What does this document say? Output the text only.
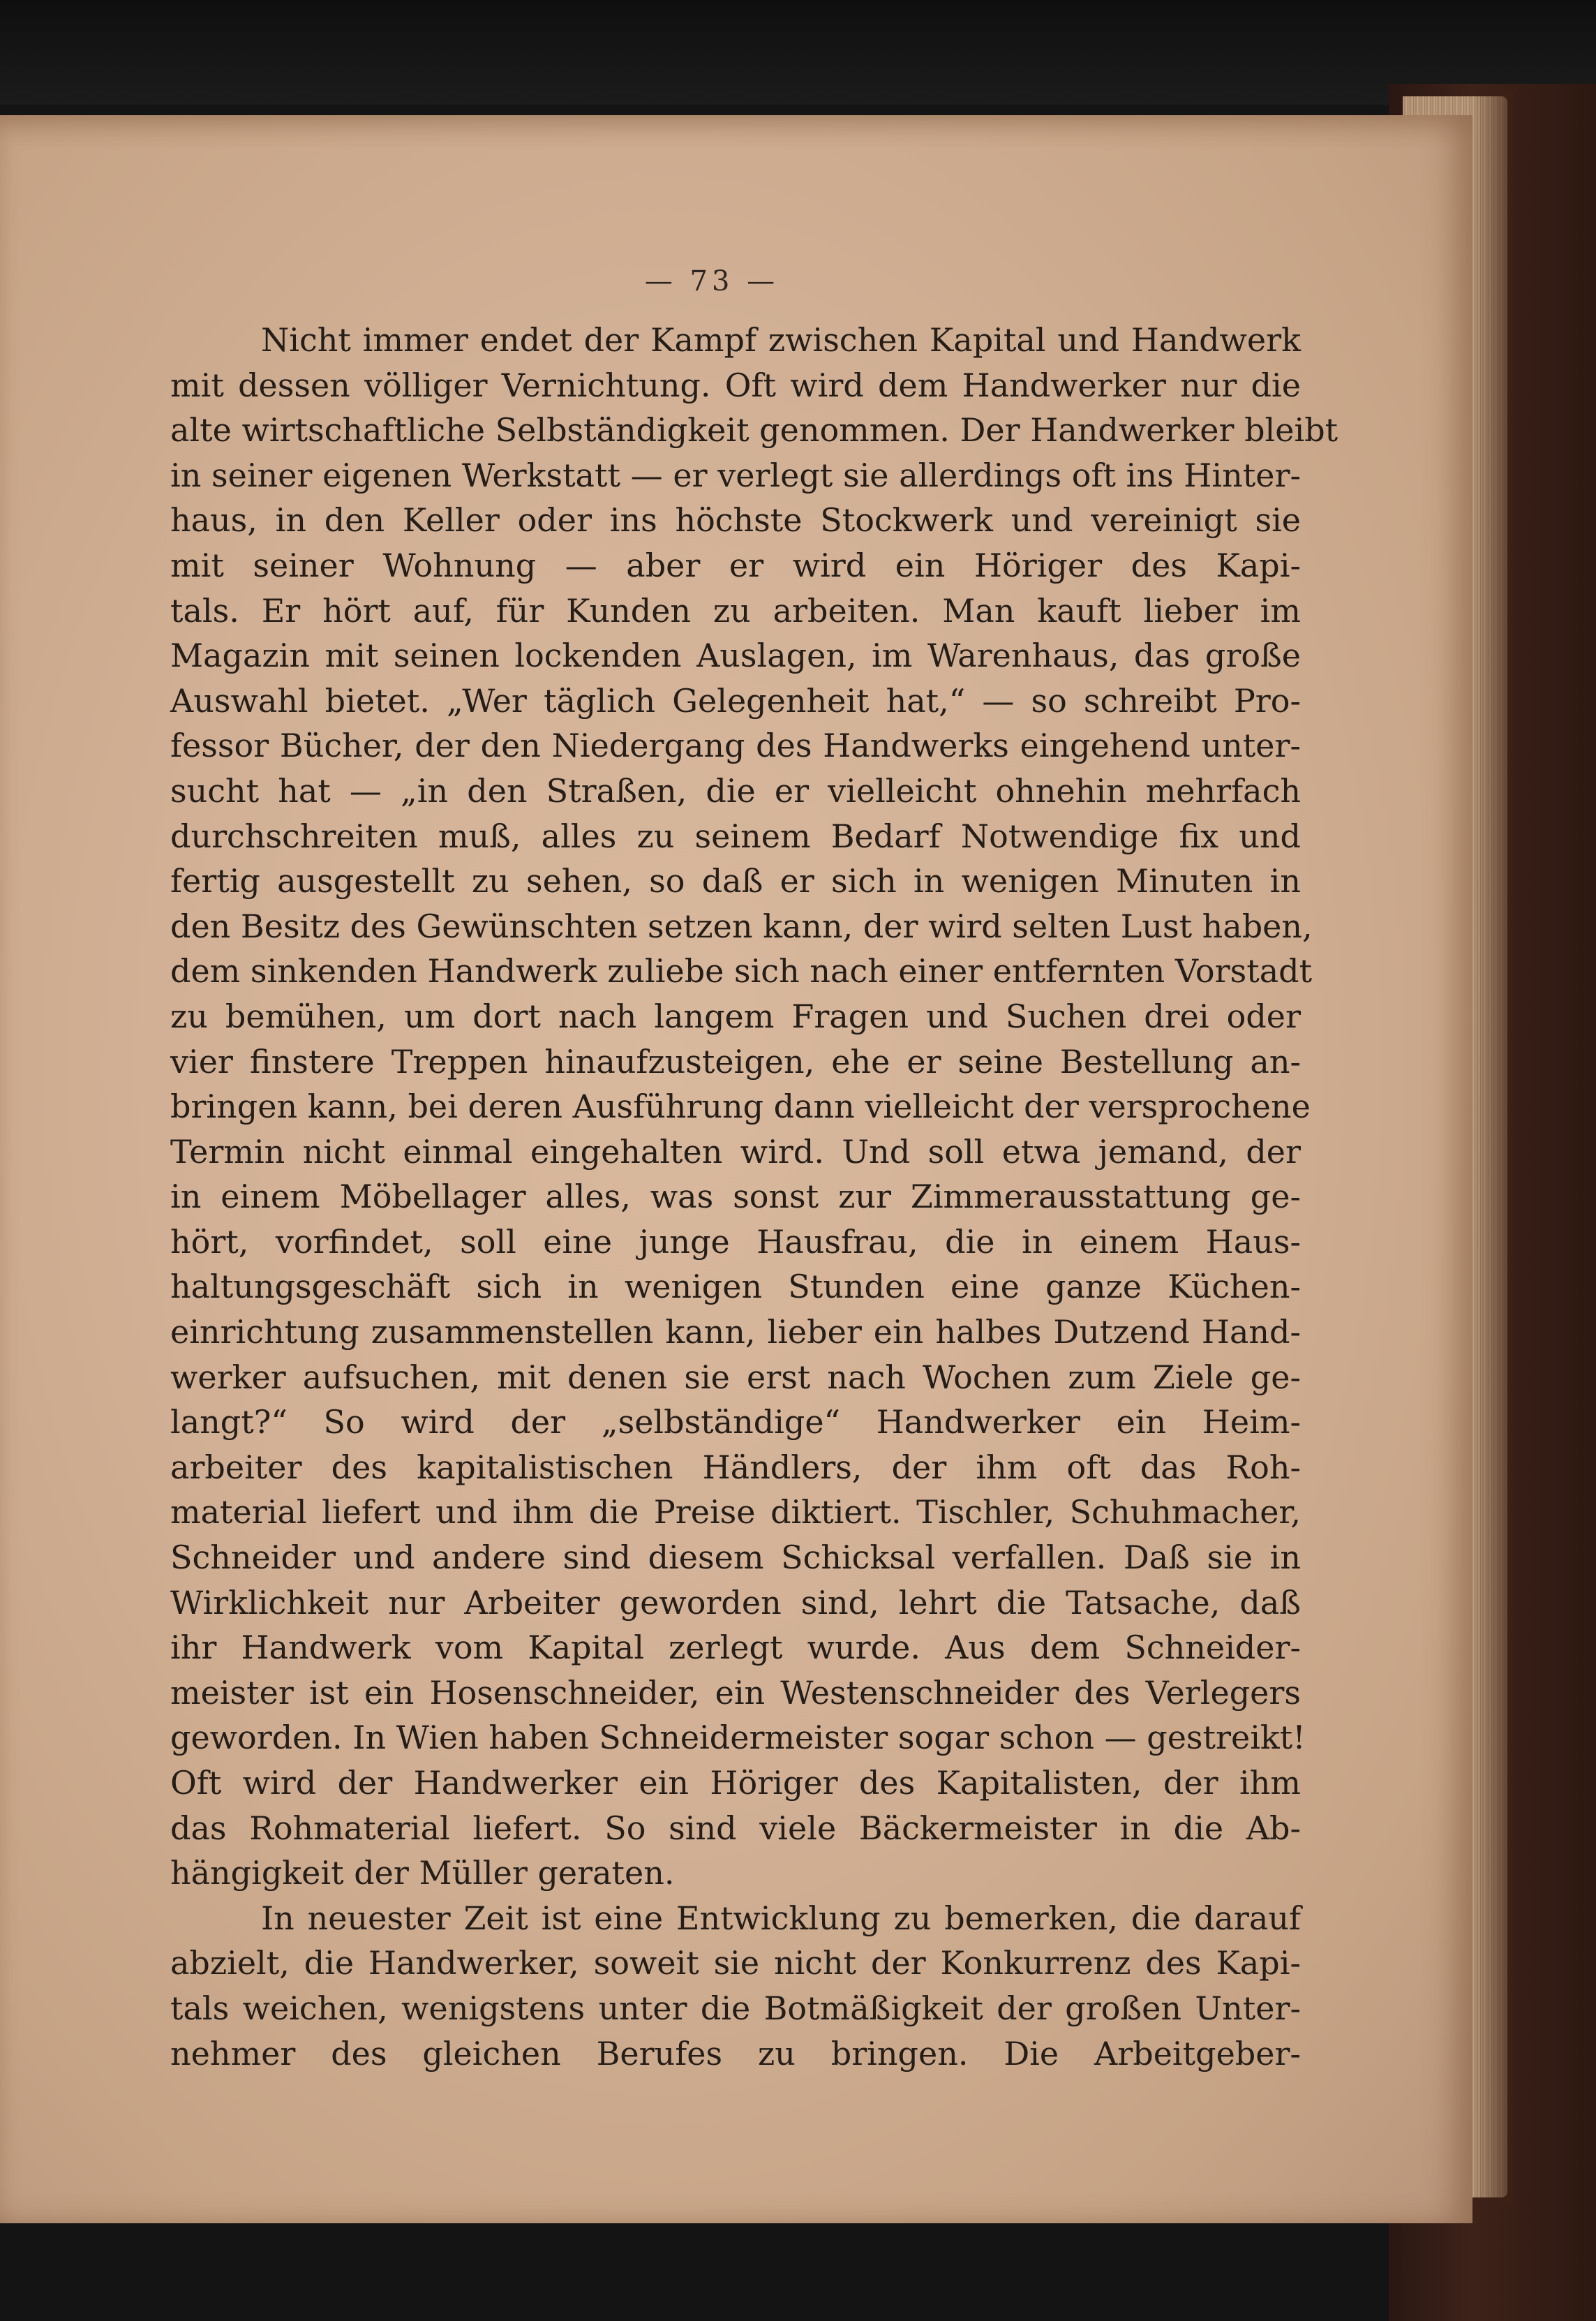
— 73 —
Nicht immer endet der Kampf zwischen Kapital und Handwerk
mit dessen völliger Vernichtung. Oft wird dem Handwerker nur die
alte wirtschaftliche Selbständigkeit genommen. Der Handwerker bleibt
in seiner eigenen Werkstatt — er verlegt sie allerdings oft ins Hinter-
haus, in den Keller oder ins höchste Stockwerk und vereinigt sie
mit seiner Wohnung — aber er wird ein Höriger des Kapi-
tals. Er hört auf, für Kunden zu arbeiten. Man kauft lieber im
Magazin mit seinen lockenden Auslagen, im Warenhaus, das große
Auswahl bietet. „Wer täglich Gelegenheit hat,“ — so schreibt Pro-
fessor Bücher, der den Niedergang des Handwerks eingehend unter-
sucht hat — „in den Straßen, die er vielleicht ohnehin mehrfach
durchschreiten muß, alles zu seinem Bedarf Notwendige fix und
fertig ausgestellt zu sehen, so daß er sich in wenigen Minuten in
den Besitz des Gewünschten setzen kann, der wird selten Lust haben,
dem sinkenden Handwerk zuliebe sich nach einer entfernten Vorstadt
zu bemühen, um dort nach langem Fragen und Suchen drei oder
vier finstere Treppen hinaufzusteigen, ehe er seine Bestellung an-
bringen kann, bei deren Ausführung dann vielleicht der versprochene
Termin nicht einmal eingehalten wird. Und soll etwa jemand, der
in einem Möbellager alles, was sonst zur Zimmerausstattung ge-
hört, vorfindet, soll eine junge Hausfrau, die in einem Haus-
haltungsgeschäft sich in wenigen Stunden eine ganze Küchen-
einrichtung zusammenstellen kann, lieber ein halbes Dutzend Hand-
werker aufsuchen, mit denen sie erst nach Wochen zum Ziele ge-
langt?“ So wird der „selbständige“ Handwerker ein Heim-
arbeiter des kapitalistischen Händlers, der ihm oft das Roh-
material liefert und ihm die Preise diktiert. Tischler, Schuhmacher,
Schneider und andere sind diesem Schicksal verfallen. Daß sie in
Wirklichkeit nur Arbeiter geworden sind, lehrt die Tatsache, daß
ihr Handwerk vom Kapital zerlegt wurde. Aus dem Schneider-
meister ist ein Hosenschneider, ein Westenschneider des Verlegers
geworden. In Wien haben Schneidermeister sogar schon — gestreikt!
Oft wird der Handwerker ein Höriger des Kapitalisten, der ihm
das Rohmaterial liefert. So sind viele Bäckermeister in die Ab-
hängigkeit der Müller geraten.
In neuester Zeit ist eine Entwicklung zu bemerken, die darauf
abzielt, die Handwerker, soweit sie nicht der Konkurrenz des Kapi-
tals weichen, wenigstens unter die Botmäßigkeit der großen Unter-
nehmer des gleichen Berufes zu bringen. Die Arbeitgeber-
